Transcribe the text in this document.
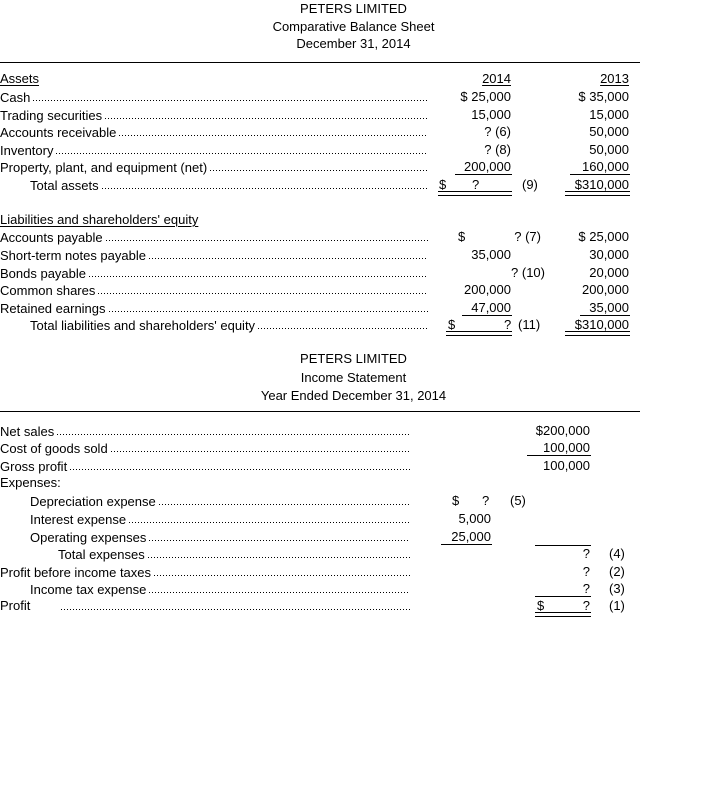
PETERS LIMITED
Comparative Balance Sheet
December 31, 2014
Assets	2014	2013
Cash	$ 25,000	$ 35,000
Trading securities	15,000	15,000
Accounts receivable	? (6)	50,000
Inventory	? (8)	50,000
Property, plant, and equipment (net)	200,000	160,000
Total assets	$ ?	(9)	$310,000
Liabilities and shareholders' equity
Accounts payable	$	? (7)	$ 25,000
Short-term notes payable	35,000	30,000
Bonds payable	? (10)	20,000
Common shares	200,000	200,000
Retained earnings	47,000	35,000
Total liabilities and shareholders' equity	$	? (11)	$310,000
PETERS LIMITED
Income Statement
Year Ended December 31, 2014
Net sales	$200,000
Cost of goods sold	100,000
Gross profit	100,000
Expenses:
Depreciation expense	$ ? (5)
Interest expense	5,000
Operating expenses	25,000
Total expenses	? (4)
Profit before income taxes	? (2)
Income tax expense	? (3)
Profit	$	? (1)
